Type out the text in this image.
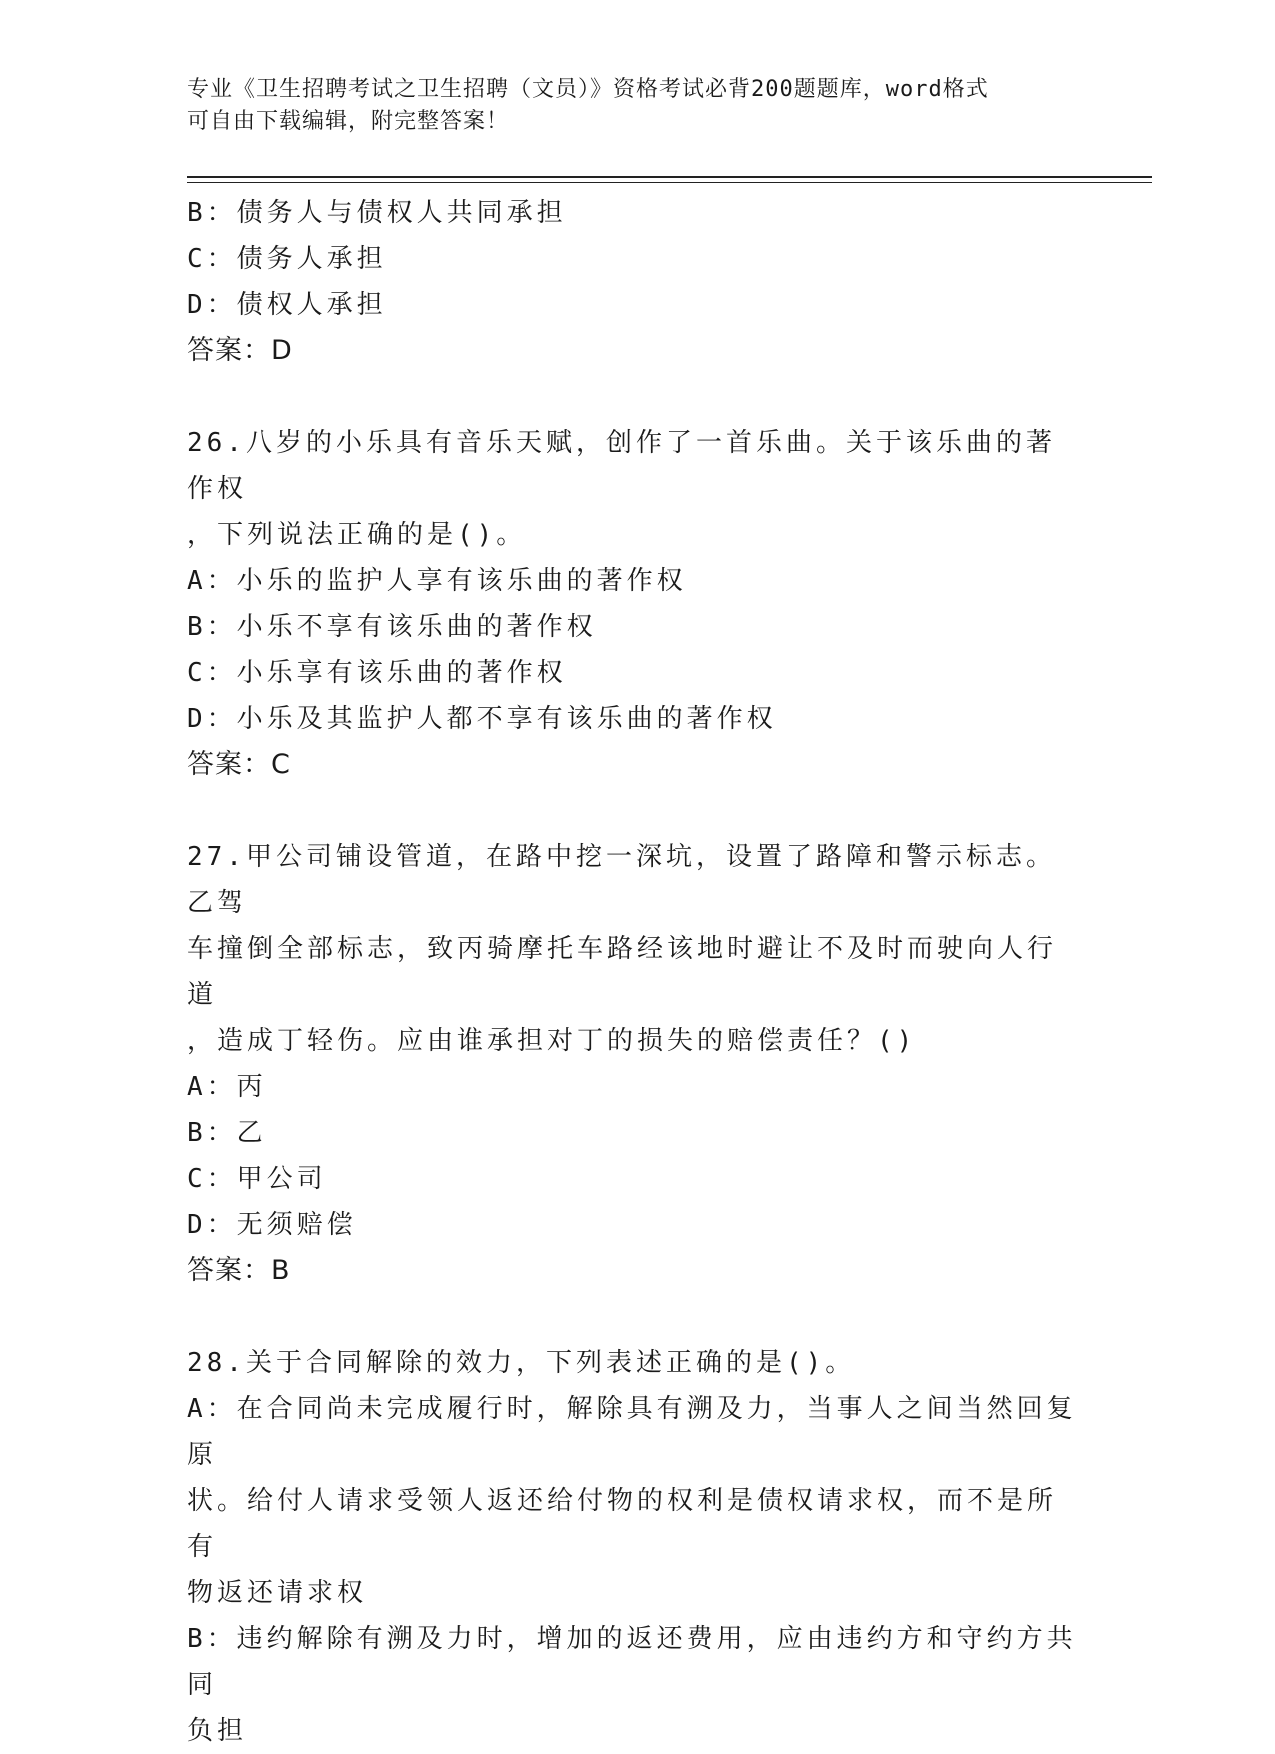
专业《卫生招聘考试之卫生招聘（文员）》资格考试必背200题题库，word格式
可自由下载编辑，附完整答案！
B：债务人与债权人共同承担
C：债务人承担
D：债权人承担
答案：D
26.八岁的小乐具有音乐天赋，创作了一首乐曲。关于该乐曲的著作权
，下列说法正确的是()。
A：小乐的监护人享有该乐曲的著作权
B：小乐不享有该乐曲的著作权
C：小乐享有该乐曲的著作权
D：小乐及其监护人都不享有该乐曲的著作权
答案：C
27.甲公司铺设管道，在路中挖一深坑，设置了路障和警示标志。乙驾
车撞倒全部标志，致丙骑摩托车路经该地时避让不及时而驶向人行道
，造成丁轻伤。应由谁承担对丁的损失的赔偿责任？()
A：丙
B：乙
C：甲公司
D：无须赔偿
答案：B
28.关于合同解除的效力，下列表述正确的是()。
A：在合同尚未完成履行时，解除具有溯及力，当事人之间当然回复原
状。给付人请求受领人返还给付物的权利是债权请求权，而不是所有
物返还请求权
B：违约解除有溯及力时，增加的返还费用，应由违约方和守约方共同
负担
